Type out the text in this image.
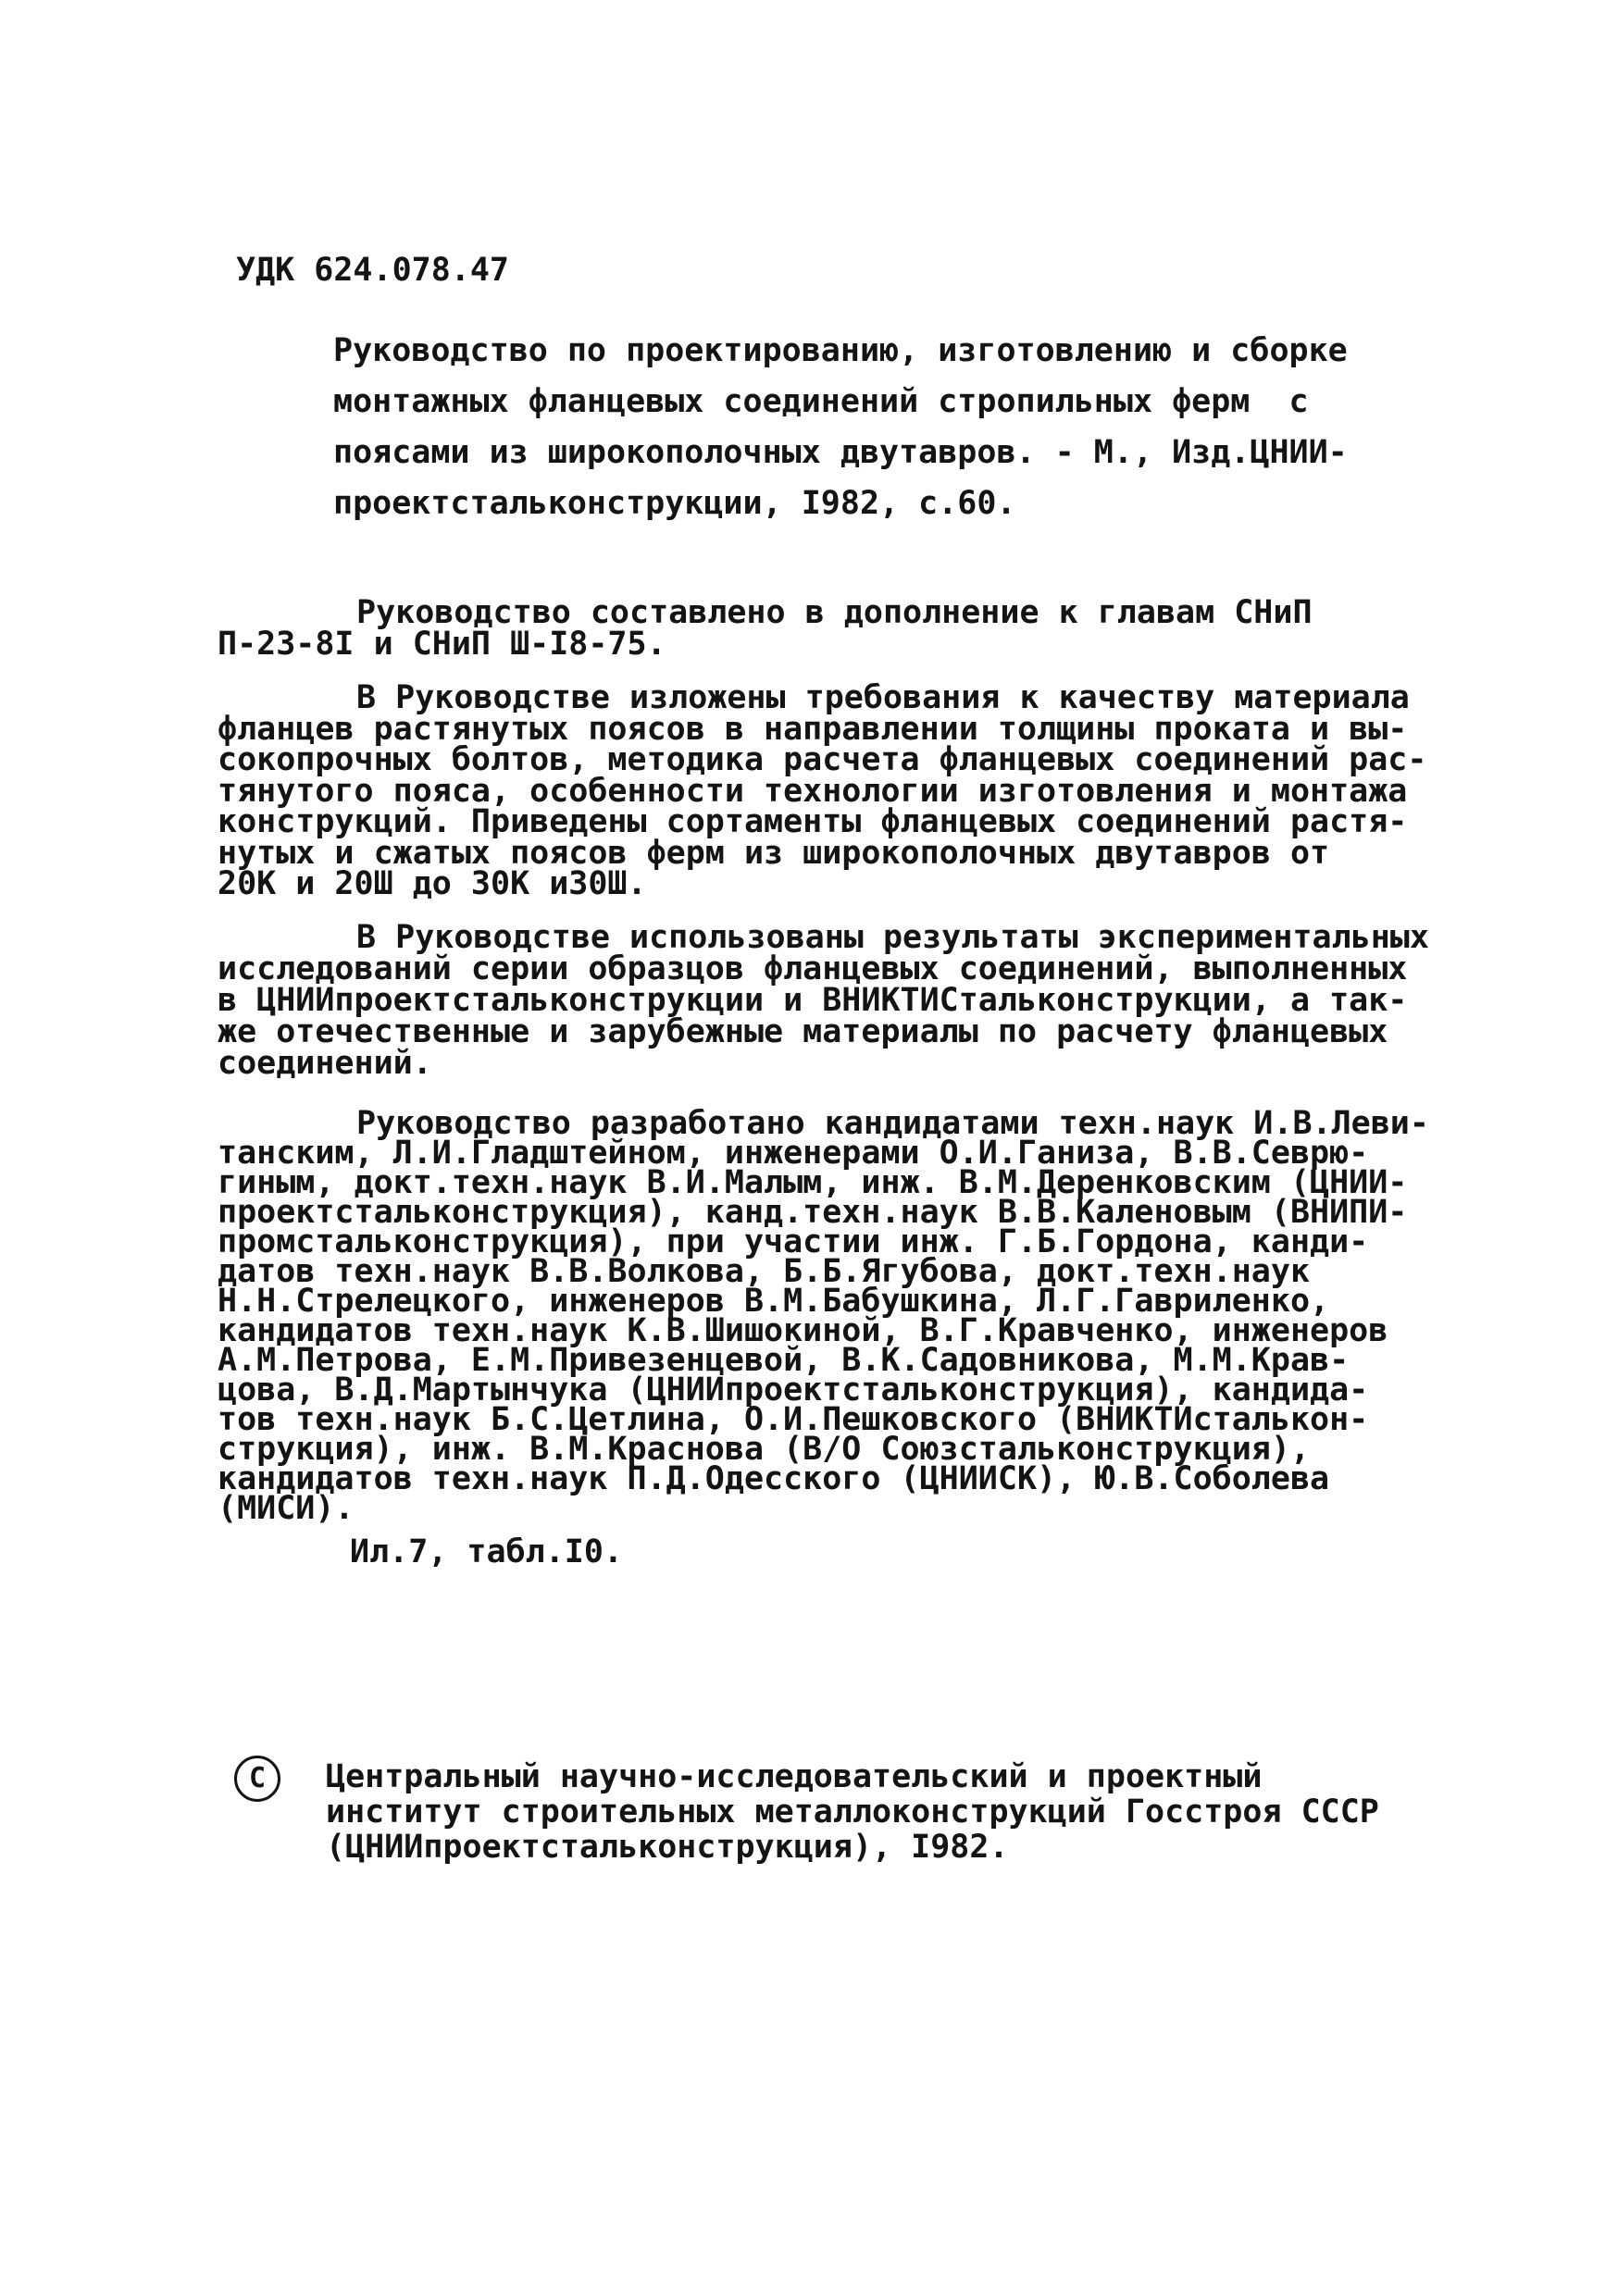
УДК 624.078.47
Руководство по проектированию, изготовлению и сборке
монтажных фланцевых соединений стропильных ферм  с
поясами из широкополочных двутавров. - М., Изд.ЦНИИ-
проектстальконструкции, I982, с.60.
Руководство составлено в дополнение к главам СНиП
П-23-8I и СНиП Ш-I8-75.
В Руководстве изложены требования к качеству материала
фланцев растянутых поясов в направлении толщины проката и вы-
сокопрочных болтов, методика расчета фланцевых соединений рас-
тянутого пояса, особенности технологии изготовления и монтажа
конструкций. Приведены сортаменты фланцевых соединений растя-
нутых и сжатых поясов ферм из широкополочных двутавров от
20К и 20Ш до 30К и30Ш.
В Руководстве использованы результаты экспериментальных
исследований серии образцов фланцевых соединений, выполненных
в ЦНИИпроектстальконструкции и ВНИКТИСтальконструкции, а так-
же отечественные и зарубежные материалы по расчету фланцевых
соединений.
Руководство разработано кандидатами техн.наук И.В.Леви-
танским, Л.И.Гладштейном, инженерами О.И.Ганиза, В.В.Севрю-
гиным, докт.техн.наук В.И.Малым, инж. В.М.Деренковским (ЦНИИ-
проектстальконструкция), канд.техн.наук В.В.Каленовым (ВНИПИ-
промстальконструкция), при участии инж. Г.Б.Гордона, канди-
датов техн.наук В.В.Волкова, Б.Б.Ягубова, докт.техн.наук
Н.Н.Стрелецкого, инженеров В.М.Бабушкина, Л.Г.Гавриленко,
кандидатов техн.наук К.В.Шишокиной, В.Г.Кравченко, инженеров
А.М.Петрова, Е.М.Привезенцевой, В.К.Садовникова, М.М.Крав-
цова, В.Д.Мартынчука (ЦНИИпроектстальконструкция), кандида-
тов техн.наук Б.С.Цетлина, О.И.Пешковского (ВНИКТИсталькон-
струкция), инж. В.М.Краснова (В/О Союзстальконструкция),
кандидатов техн.наук П.Д.Одесского (ЦНИИСК), Ю.В.Соболева
(МИСИ).
Ил.7, табл.I0.
С Центральный научно-исследовательский и проектный
институт строительных металлоконструкций Госстроя СССР
(ЦНИИпроектстальконструкция), I982.
